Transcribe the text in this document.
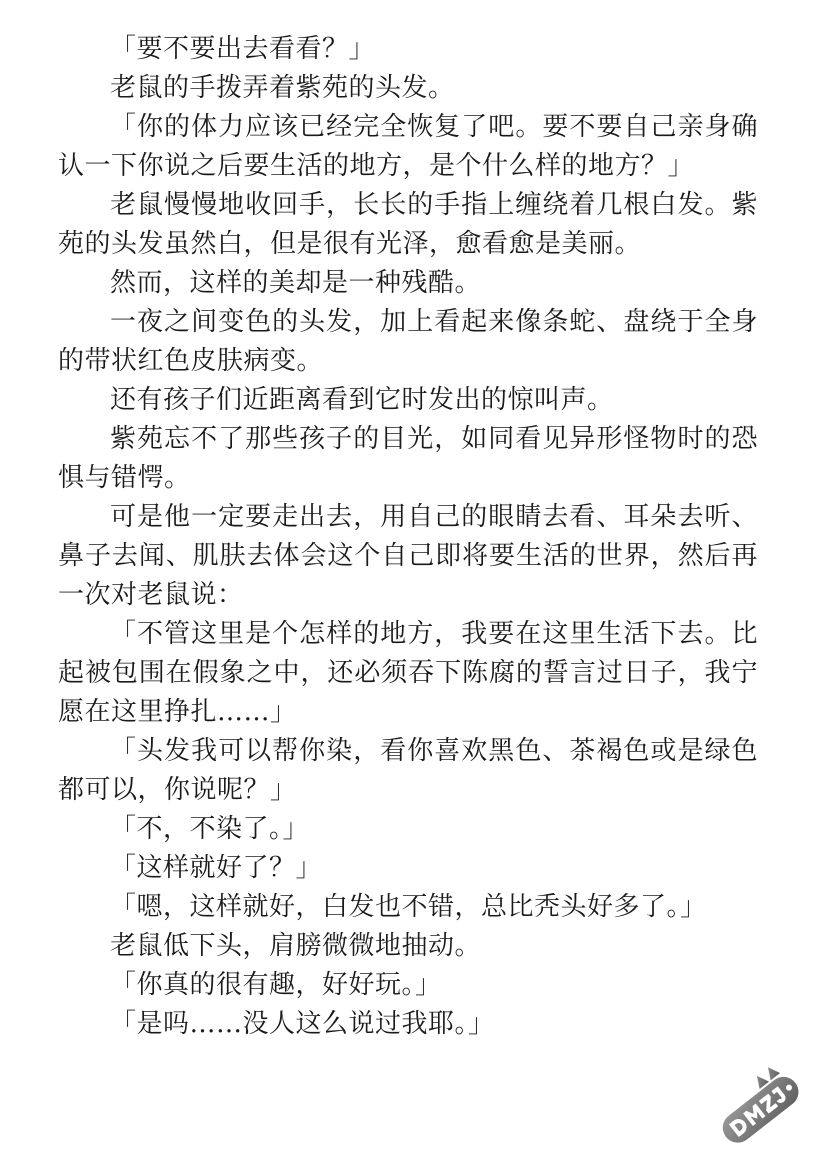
「要不要出去看看？」

老鼠的手拨弄着紫苑的头发。

「你的体力应该已经完全恢复了吧。要不要自己亲身确认一下你说之后要生活的地方，是个什么样的地方？」

老鼠慢慢地收回手，长长的手指上缠绕着几根白发。紫苑的头发虽然白，但是很有光泽，愈看愈是美丽。

然而，这样的美却是一种残酷。

一夜之间变色的头发，加上看起来像条蛇、盘绕于全身的带状红色皮肤病变。

还有孩子们近距离看到它时发出的惊叫声。

紫苑忘不了那些孩子的目光，如同看见异形怪物时的恐惧与错愕。

可是他一定要走出去，用自己的眼睛去看、耳朵去听、鼻子去闻、肌肤去体会这个自己即将要生活的世界，然后再一次对老鼠说：

「不管这里是个怎样的地方，我要在这里生活下去。比起被包围在假象之中，还必须吞下陈腐的誓言过日子，我宁愿在这里挣扎……」

「头发我可以帮你染，看你喜欢黑色、茶褐色或是绿色都可以，你说呢？」

「不，不染了。」

「这样就好了？」

「嗯，这样就好，白发也不错，总比秃头好多了。」

老鼠低下头，肩膀微微地抽动。

「你真的很有趣，好好玩。」

「是吗……没人这么说过我耶。」
